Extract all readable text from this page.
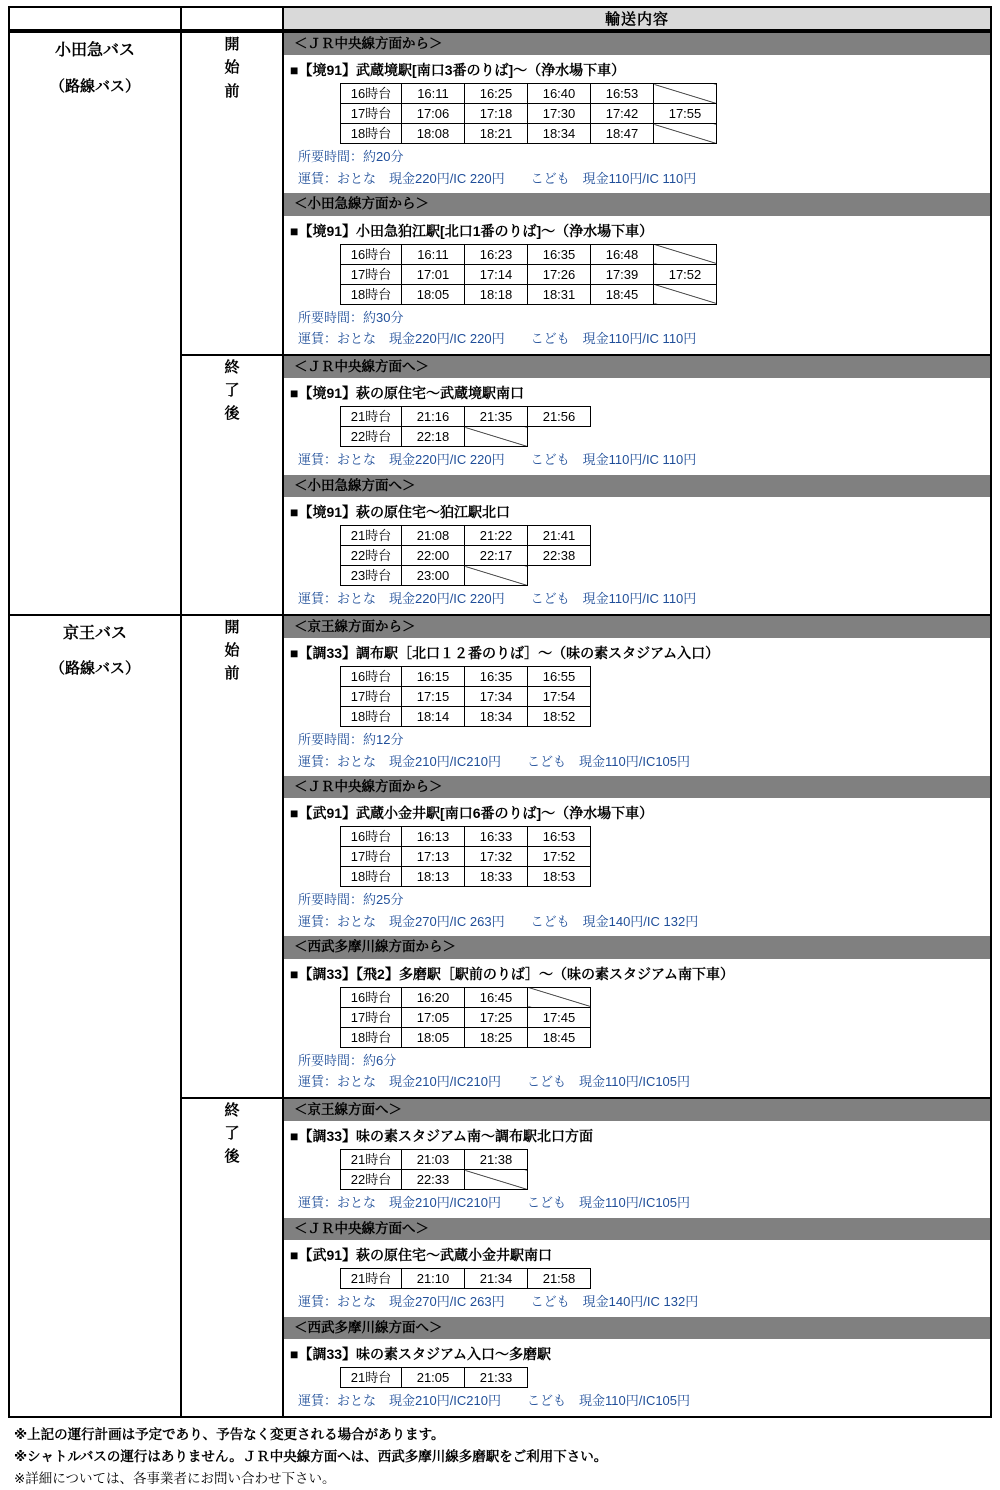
		輸送内容
小田急バス
（路線バス）

開
始
前

＜ＪＲ中央線方面から＞
■【境91】武蔵境駅[南口3番のりば]～（浄水場下車）
16時台	16:11	16:25	16:40	16:53	
17時台	17:06	17:18	17:30	17:42	17:55
18時台	18:08	18:21	18:34	18:47	
所要時間：約20分
運賃：おとな　現金220円/IC 220円　　こども　現金110円/IC 110円
＜小田急線方面から＞
■【境91】小田急狛江駅[北口1番のりば]～（浄水場下車）
16時台	16:11	16:23	16:35	16:48	
17時台	17:01	17:14	17:26	17:39	17:52
18時台	18:05	18:18	18:31	18:45	
所要時間：約30分
運賃：おとな　現金220円/IC 220円　　こども　現金110円/IC 110円

終
了
後

＜ＪＲ中央線方面へ＞
■【境91】萩の原住宅～武蔵境駅南口
21時台	21:16	21:35	21:56
22時台	22:18		
運賃：おとな　現金220円/IC 220円　　こども　現金110円/IC 110円
＜小田急線方面へ＞
■【境91】萩の原住宅～狛江駅北口
21時台	21:08	21:22	21:41
22時台	22:00	22:17	22:38
23時台	23:00		
運賃：おとな　現金220円/IC 220円　　こども　現金110円/IC 110円

京王バス
（路線バス）

開
始
前

＜京王線方面から＞
■【調33】調布駅［北口１２番のりば］～（味の素スタジアム入口）
16時台	16:15	16:35	16:55
17時台	17:15	17:34	17:54
18時台	18:14	18:34	18:52
所要時間：約12分
運賃：おとな　現金210円/IC210円　　こども　現金110円/IC105円
＜ＪＲ中央線方面から＞
■【武91】武蔵小金井駅[南口6番のりば]～（浄水場下車）
16時台	16:13	16:33	16:53
17時台	17:13	17:32	17:52
18時台	18:13	18:33	18:53
所要時間：約25分
運賃：おとな　現金270円/IC 263円　　こども　現金140円/IC 132円
＜西武多摩川線方面から＞
■【調33】【飛2】多磨駅［駅前のりば］～（味の素スタジアム南下車）
16時台	16:20	16:45	
17時台	17:05	17:25	17:45
18時台	18:05	18:25	18:45
所要時間：約6分
運賃：おとな　現金210円/IC210円　　こども　現金110円/IC105円

終
了
後

＜京王線方面へ＞
■【調33】味の素スタジアム南～調布駅北口方面
21時台	21:03	21:38
22時台	22:33	
運賃：おとな　現金210円/IC210円　　こども　現金110円/IC105円
＜ＪＲ中央線方面へ＞
■【武91】萩の原住宅～武蔵小金井駅南口
21時台	21:10	21:34	21:58
運賃：おとな　現金270円/IC 263円　　こども　現金140円/IC 132円
＜西武多摩川線方面へ＞
■【調33】味の素スタジアム入口～多磨駅
21時台	21:05	21:33
運賃：おとな　現金210円/IC210円　　こども　現金110円/IC105円
※上記の運行計画は予定であり、予告なく変更される場合があります。
※シャトルバスの運行はありません。ＪＲ中央線方面へは、西武多摩川線多磨駅をご利用下さい。
※詳細については、各事業者にお問い合わせ下さい。
